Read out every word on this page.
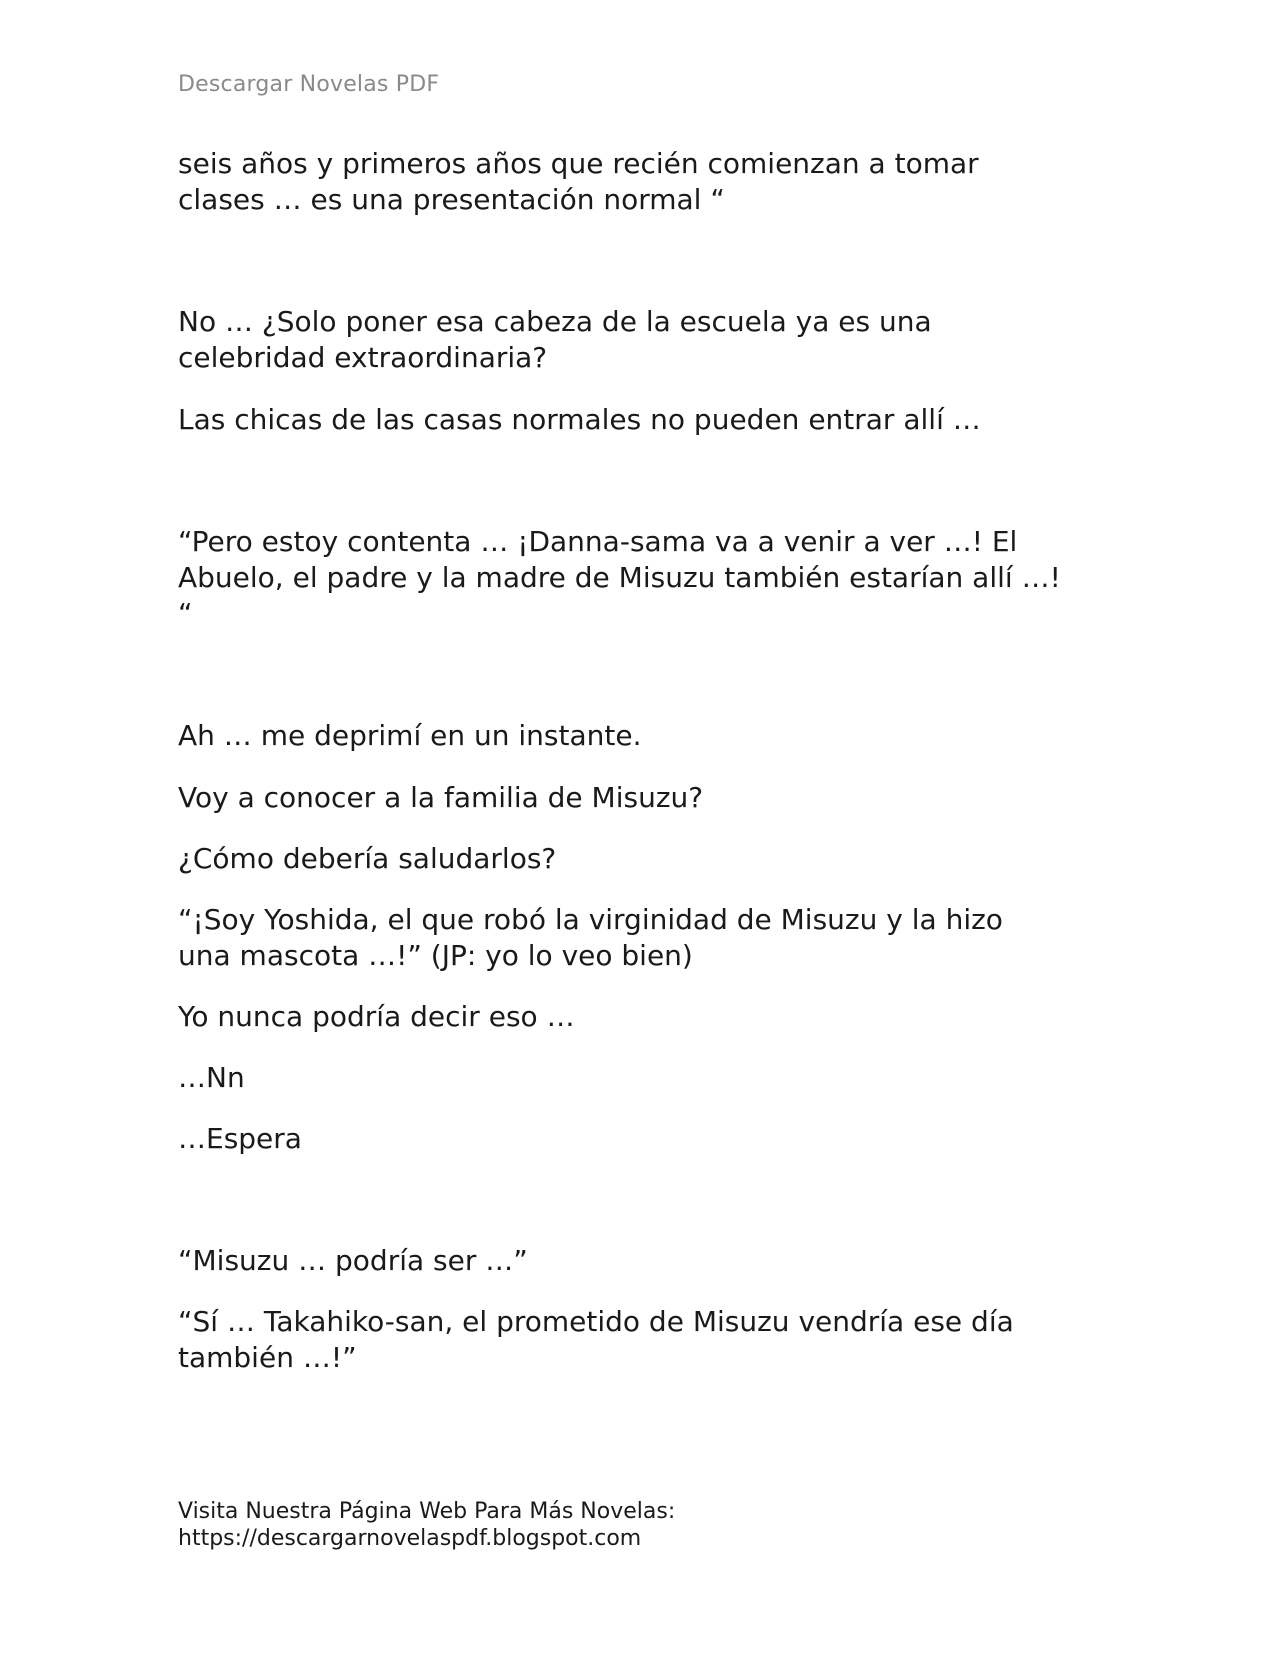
Descargar Novelas PDF

seis años y primeros años que recién comienzan a tomar
clases … es una presentación normal “

No … ¿Solo poner esa cabeza de la escuela ya es una
celebridad extraordinaria?

Las chicas de las casas normales no pueden entrar allí …

“Pero estoy contenta … ¡Danna-sama va a venir a ver …! El
Abuelo, el padre y la madre de Misuzu también estarían allí …!
“

Ah … me deprimí en un instante.

Voy a conocer a la familia de Misuzu?

¿Cómo debería saludarlos?

“¡Soy Yoshida, el que robó la virginidad de Misuzu y la hizo
una mascota …!” (JP: yo lo veo bien)

Yo nunca podría decir eso …

…Nn

…Espera

“Misuzu … podría ser …”

“Sí … Takahiko-san, el prometido de Misuzu vendría ese día
también …!”

Visita Nuestra Página Web Para Más Novelas:
https://descargarnovelaspdf.blogspot.com
